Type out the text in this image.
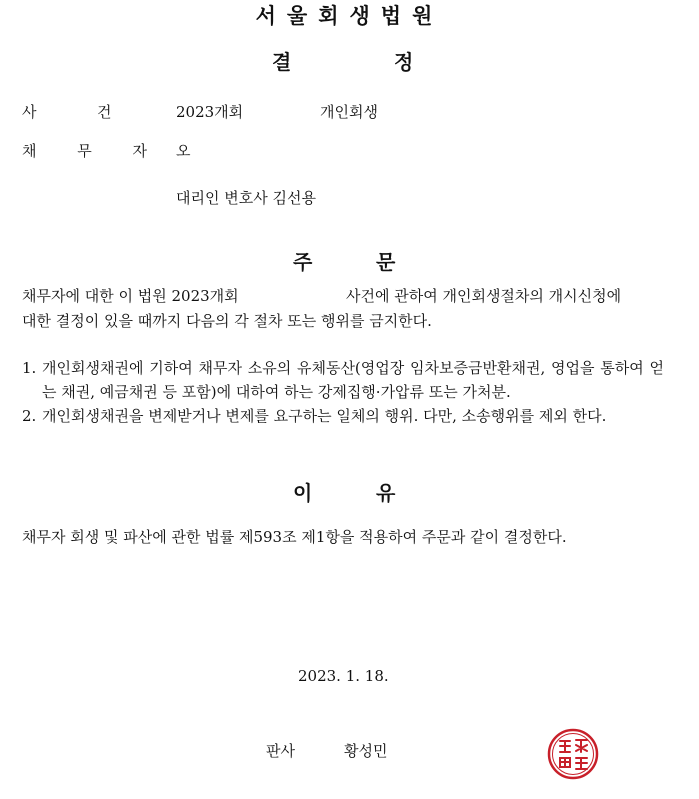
서울회생법원
결	정
사	건	2023개회	개인회생
채 무 자 오
대리인 변호사 김선용
주	문
채무자에 대한 이 법원 2023개회	사건에 관하여 개인회생절차의 개시신청에
대한 결정이 있을 때까지 다음의 각 절차 또는 행위를 금지한다.
1. 개인회생채권에 기하여 채무자 소유의 유체동산(영업장 임차보증금반환채권, 영업을 통하여 얻는 채권, 예금채권 등 포함)에 대하여 하는 강제집행·가압류 또는 가처분.
2. 개인회생채권을 변제받거나 변제를 요구하는 일체의 행위. 다만, 소송행위를 제외 한다.
이	유
채무자 회생 및 파산에 관한 법률 제593조 제1항을 적용하여 주문과 같이 결정한다.
2023. 1. 18.
판사	황성민
